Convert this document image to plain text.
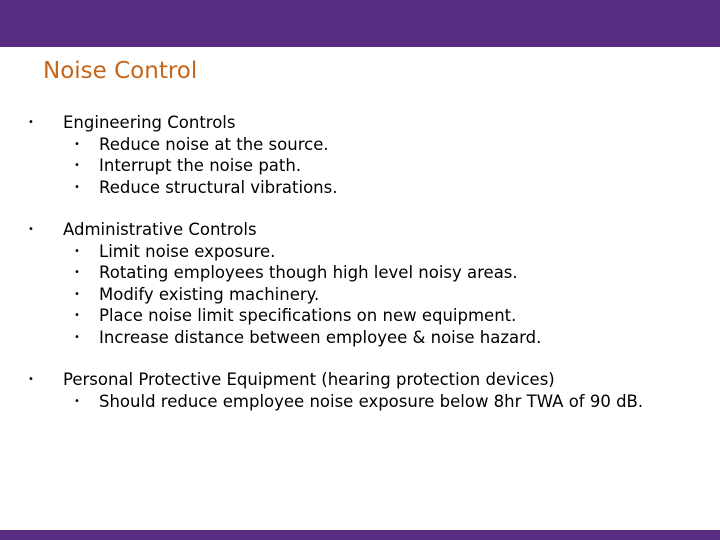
Noise Control
• Engineering Controls
• Reduce noise at the source.
• Interrupt the noise path.
• Reduce structural vibrations.
• Administrative Controls
• Limit noise exposure.
• Rotating employees though high level noisy areas.
• Modify existing machinery.
• Place noise limit specifications on new equipment.
• Increase distance between employee & noise hazard.
• Personal Protective Equipment (hearing protection devices)
• Should reduce employee noise exposure below 8hr TWA of 90 dB.
